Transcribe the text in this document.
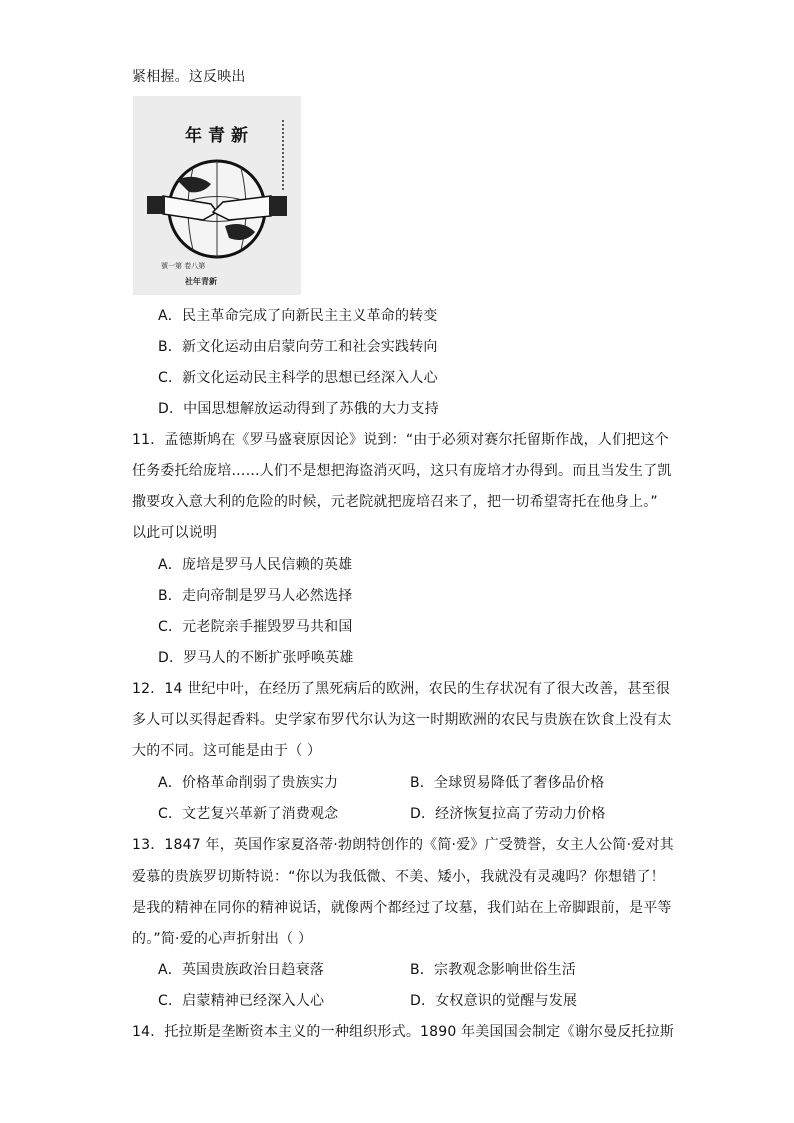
紧相握。这反映出
年青新
號一第 卷八第
社年青新
A．民主革命完成了向新民主主义革命的转变
B．新文化运动由启蒙向劳工和社会实践转向
C．新文化运动民主科学的思想已经深入人心
D．中国思想解放运动得到了苏俄的大力支持
11．孟德斯鸠在《罗马盛衰原因论》说到：“由于必须对赛尔托留斯作战，人们把这个
任务委托给庞培……人们不是想把海盗消灭吗，这只有庞培才办得到。而且当发生了凯
撒要攻入意大利的危险的时候，元老院就把庞培召来了，把一切希望寄托在他身上。”
以此可以说明
A．庞培是罗马人民信赖的英雄
B．走向帝制是罗马人必然选择
C．元老院亲手摧毁罗马共和国
D．罗马人的不断扩张呼唤英雄
12．14 世纪中叶，在经历了黑死病后的欧洲，农民的生存状况有了很大改善，甚至很
多人可以买得起香料。史学家布罗代尔认为这一时期欧洲的农民与贵族在饮食上没有太
大的不同。这可能是由于（ ）
A．价格革命削弱了贵族实力	B．全球贸易降低了奢侈品价格
C．文艺复兴革新了消费观念	D．经济恢复拉高了劳动力价格
13．1847 年，英国作家夏洛蒂·勃朗特创作的《简·爱》广受赞誉，女主人公简·爱对其
爱慕的贵族罗切斯特说：“你以为我低微、不美、矮小，我就没有灵魂吗？你想错了！
是我的精神在同你的精神说话，就像两个都经过了坟墓，我们站在上帝脚跟前，是平等
的。”简·爱的心声折射出（ ）
A．英国贵族政治日趋衰落	B．宗教观念影响世俗生活
C．启蒙精神已经深入人心	D．女权意识的觉醒与发展
14．托拉斯是垄断资本主义的一种组织形式。1890 年美国国会制定《谢尔曼反托拉斯
